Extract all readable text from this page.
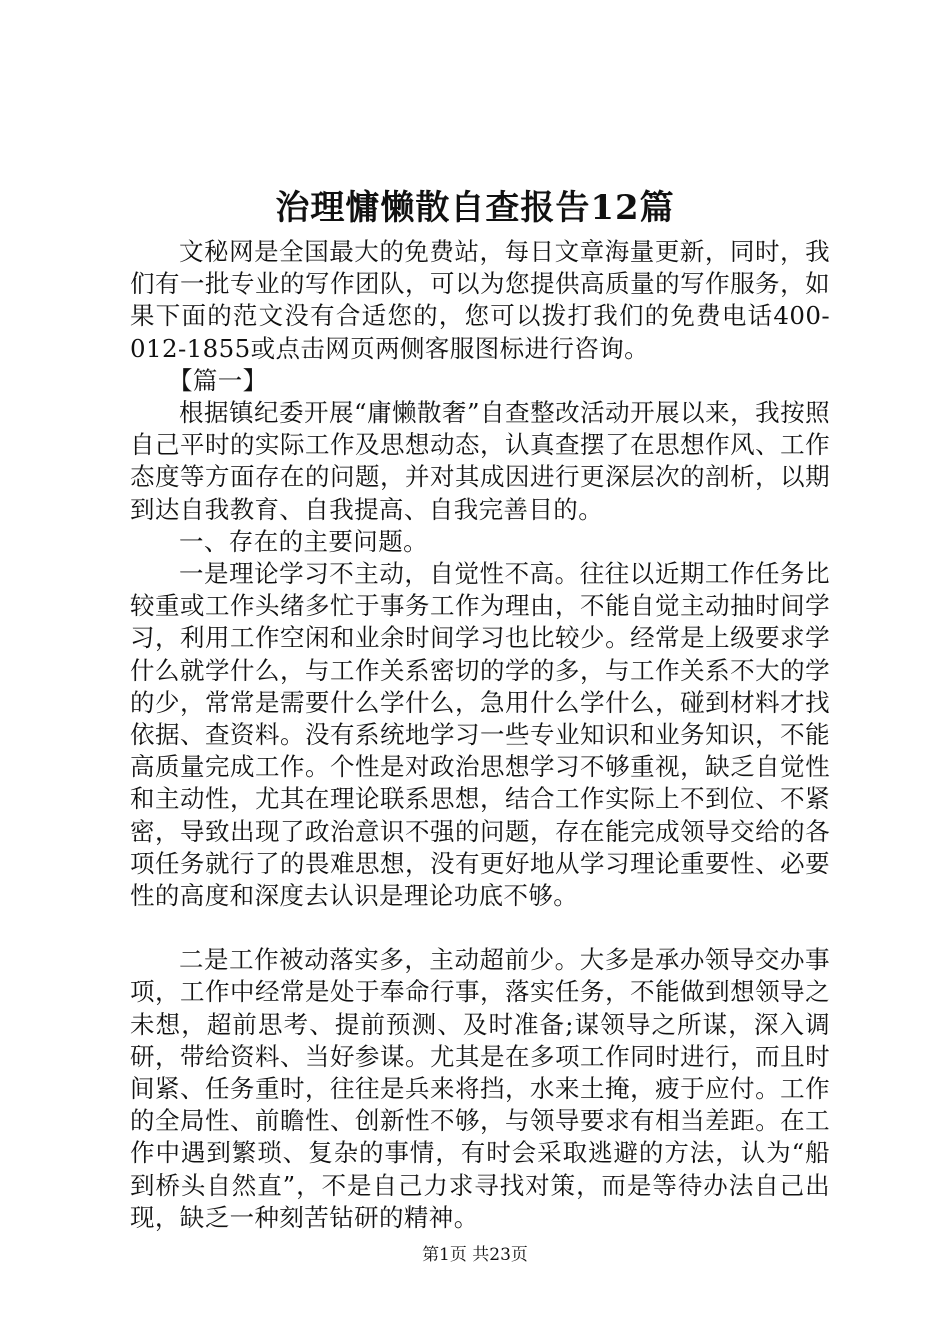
治理慵懒散自查报告12篇

文秘网是全国最大的免费站，每日文章海量更新，同时，我们有一批专业的写作团队，可以为您提供高质量的写作服务，如果下面的范文没有合适您的，您可以拨打我们的免费电话400-012-1855或点击网页两侧客服图标进行咨询。

【篇一】

根据镇纪委开展“庸懒散奢”自查整改活动开展以来，我按照自己平时的实际工作及思想动态，认真查摆了在思想作风、工作态度等方面存在的问题，并对其成因进行更深层次的剖析，以期到达自我教育、自我提高、自我完善目的。

一、存在的主要问题。

一是理论学习不主动，自觉性不高。往往以近期工作任务比较重或工作头绪多忙于事务工作为理由，不能自觉主动抽时间学习，利用工作空闲和业余时间学习也比较少。经常是上级要求学什么就学什么，与工作关系密切的学的多，与工作关系不大的学的少，常常是需要什么学什么，急用什么学什么，碰到材料才找依据、查资料。没有系统地学习一些专业知识和业务知识，不能高质量完成工作。个性是对政治思想学习不够重视，缺乏自觉性和主动性，尤其在理论联系思想，结合工作实际上不到位、不紧密，导致出现了政治意识不强的问题，存在能完成领导交给的各项任务就行了的畏难思想，没有更好地从学习理论重要性、必要性的高度和深度去认识是理论功底不够。

二是工作被动落实多，主动超前少。大多是承办领导交办事项，工作中经常是处于奉命行事，落实任务，不能做到想领导之未想，超前思考、提前预测、及时准备;谋领导之所谋，深入调研，带给资料、当好参谋。尤其是在多项工作同时进行，而且时间紧、任务重时，往往是兵来将挡，水来土掩，疲于应付。工作的全局性、前瞻性、创新性不够，与领导要求有相当差距。在工作中遇到繁琐、复杂的事情，有时会采取逃避的方法，认为“船到桥头自然直”，不是自己力求寻找对策，而是等待办法自己出现，缺乏一种刻苦钻研的精神。

第1页 共23页
